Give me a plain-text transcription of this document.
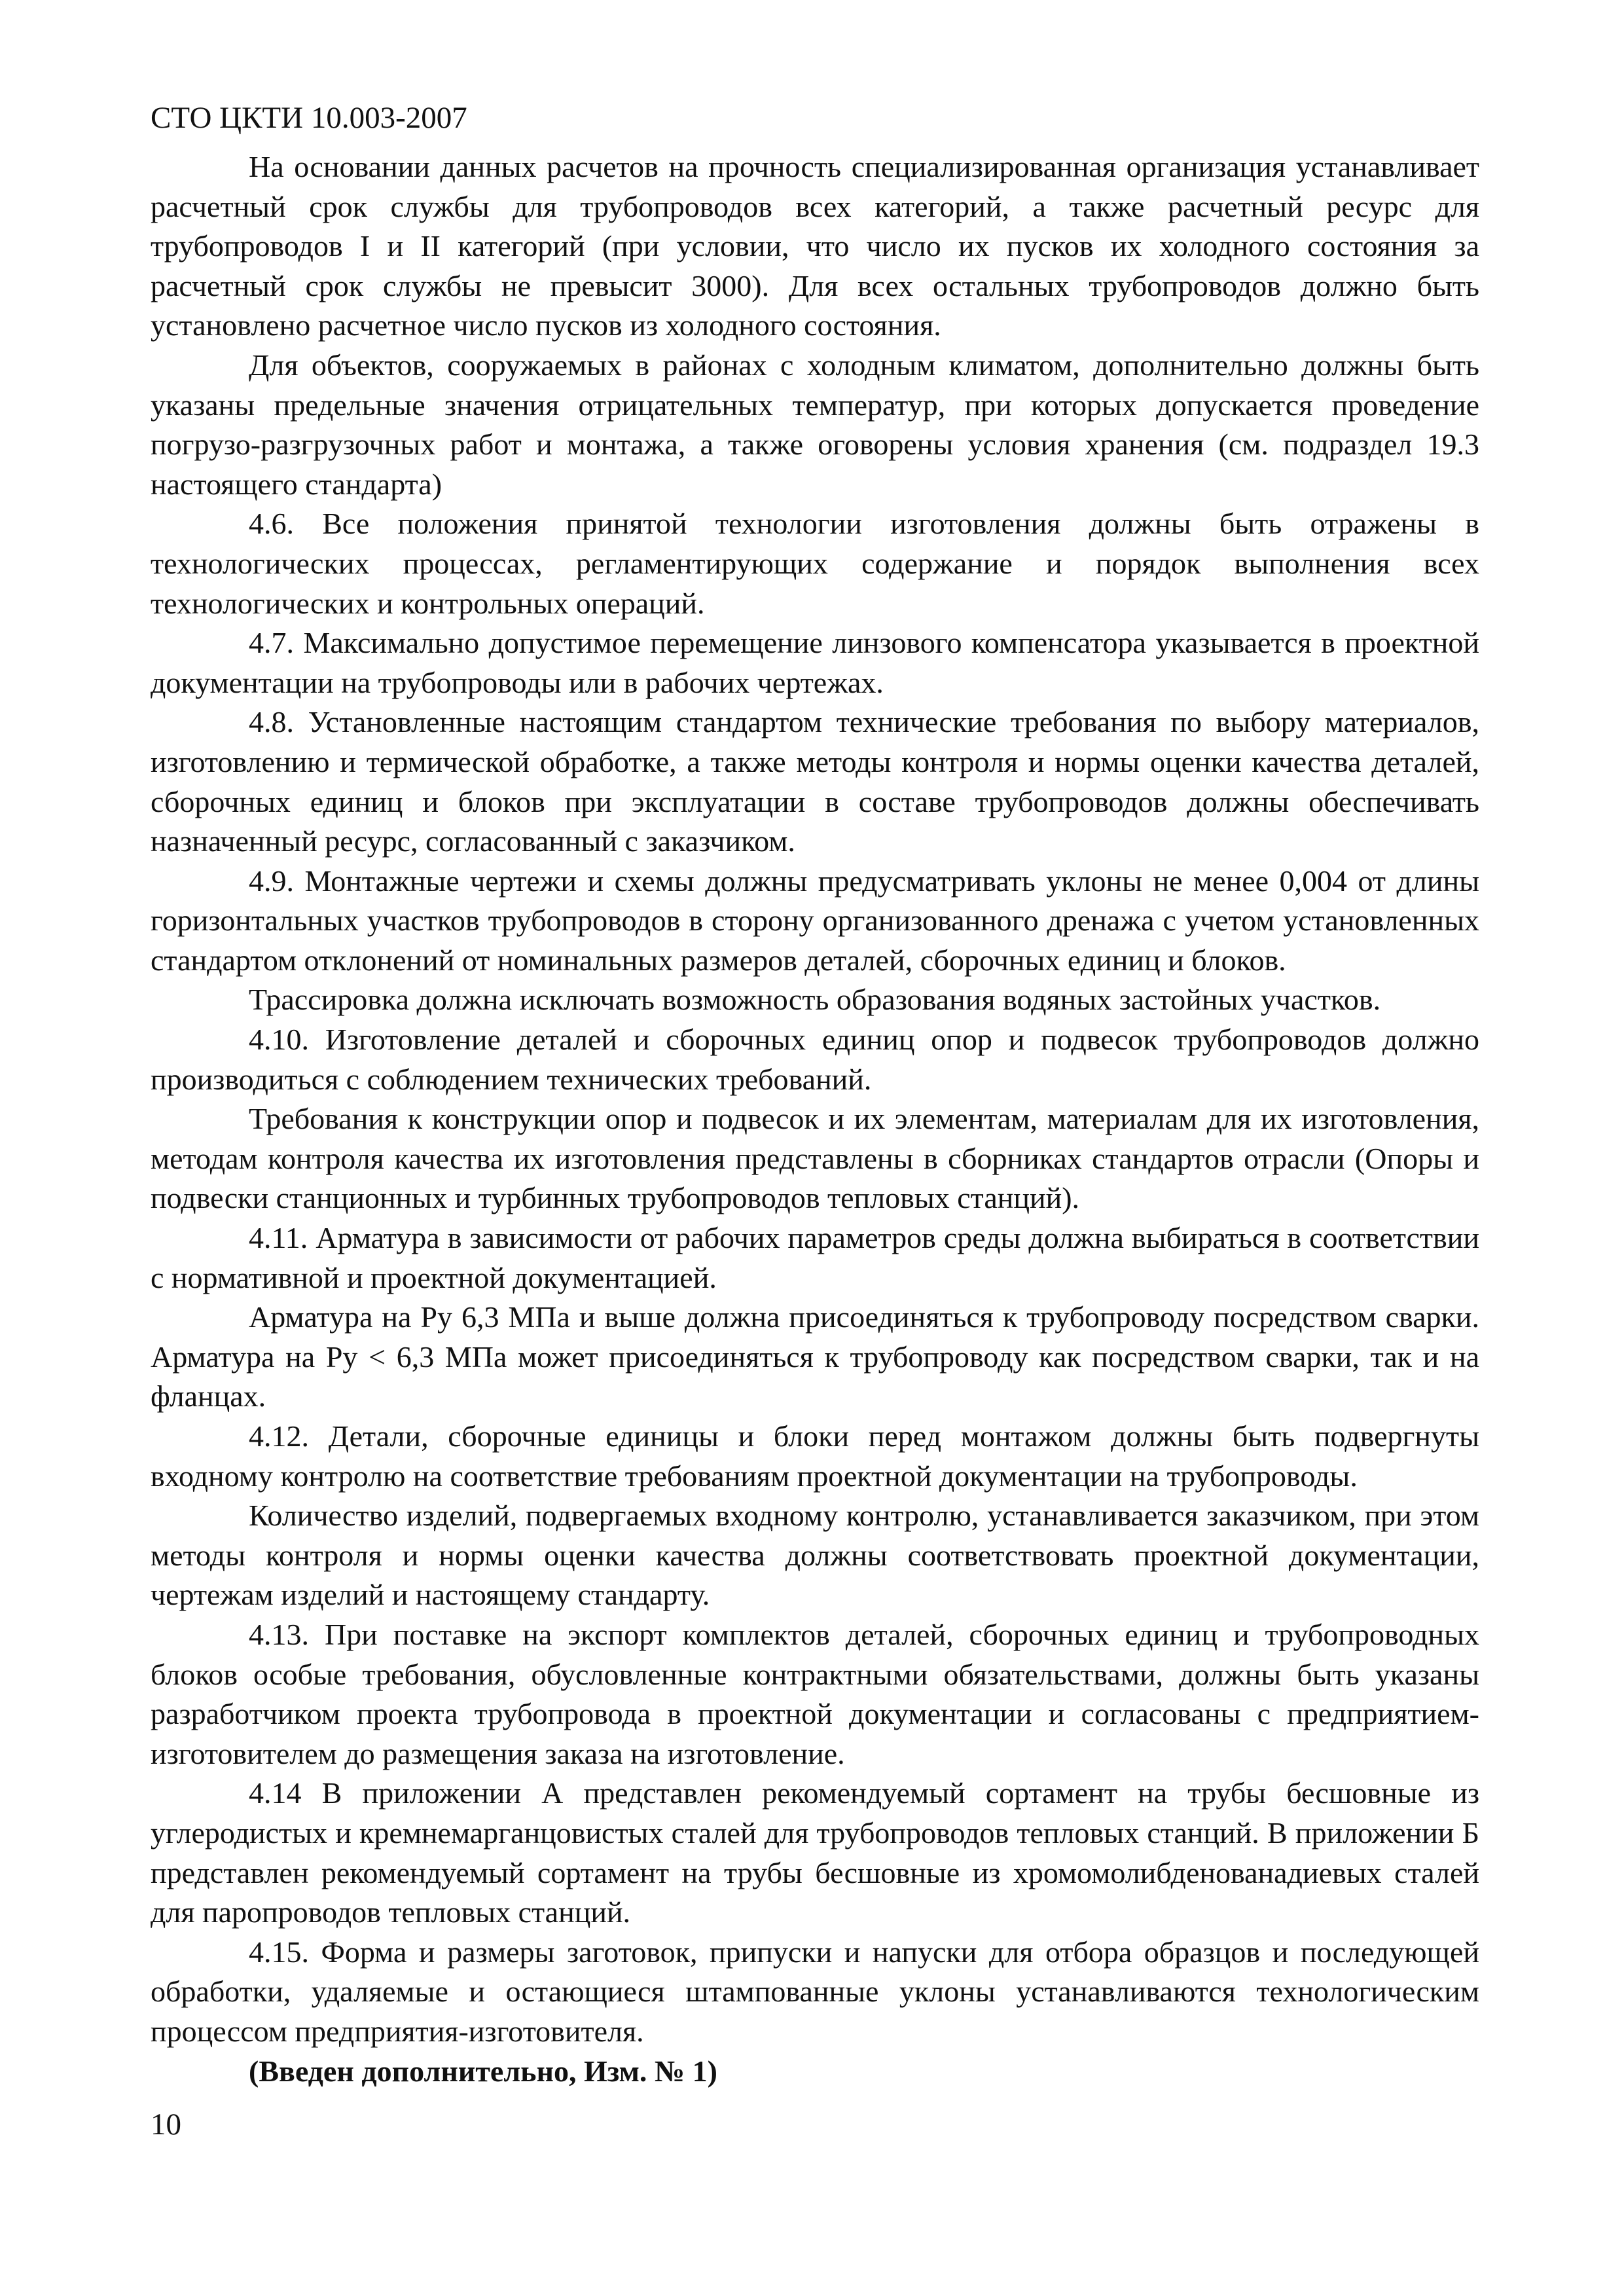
СТО ЦКТИ 10.003-2007

На основании данных расчетов на прочность специализированная организация устанавливает расчетный срок службы для трубопроводов всех категорий, а также расчетный ресурс для трубопроводов I и II категорий (при условии, что число их пусков их холодного состояния за расчетный срок службы не превысит 3000). Для всех остальных трубопроводов должно быть установлено расчетное число пусков из холодного состояния.

Для объектов, сооружаемых в районах с холодным климатом, дополнительно должны быть указаны предельные значения отрицательных температур, при которых допускается проведение погрузо-разгрузочных работ и монтажа, а также оговорены условия хранения (см. подраздел 19.3 настоящего стандарта)

4.6. Все положения принятой технологии изготовления должны быть отражены в технологических процессах, регламентирующих содержание и порядок выполнения всех технологических и контрольных операций.

4.7. Максимально допустимое перемещение линзового компенсатора указывается в проектной документации на трубопроводы или в рабочих чертежах.

4.8. Установленные настоящим стандартом технические требования по выбору материалов, изготовлению и термической обработке, а также методы контроля и нормы оценки качества деталей, сборочных единиц и блоков при эксплуатации в составе трубопроводов должны обеспечивать назначенный ресурс, согласованный с заказчиком.

4.9. Монтажные чертежи и схемы должны предусматривать уклоны не менее 0,004 от длины горизонтальных участков трубопроводов в сторону организованного дренажа с учетом установленных стандартом отклонений от номинальных размеров деталей, сборочных единиц и блоков.

Трассировка должна исключать возможность образования водяных застойных участков.

4.10. Изготовление деталей и сборочных единиц опор и подвесок трубопроводов должно производиться с соблюдением технических требований.

Требования к конструкции опор и подвесок и их элементам, материалам для их изготовления, методам контроля качества их изготовления представлены в сборниках стандартов отрасли (Опоры и подвески станционных и турбинных трубопроводов тепловых станций).

4.11. Арматура в зависимости от рабочих параметров среды должна выбираться в соответствии с нормативной и проектной документацией.

Арматура на Ру 6,3 МПа и выше должна присоединяться к трубопроводу посредством сварки. Арматура на Ру < 6,3 МПа может присоединяться к трубопроводу как посредством сварки, так и на фланцах.

4.12. Детали, сборочные единицы и блоки перед монтажом должны быть подвергнуты входному контролю на соответствие требованиям проектной документации на трубопроводы.

Количество изделий, подвергаемых входному контролю, устанавливается заказчиком, при этом методы контроля и нормы оценки качества должны соответствовать проектной документации, чертежам изделий и настоящему стандарту.

4.13. При поставке на экспорт комплектов деталей, сборочных единиц и трубопроводных блоков особые требования, обусловленные контрактными обязательствами, должны быть указаны разработчиком проекта трубопровода в проектной документации и согласованы с предприятием-изготовителем до размещения заказа на изготовление.

4.14 В приложении А представлен рекомендуемый сортамент на трубы бесшовные из углеродистых и кремнемарганцовистых сталей для трубопроводов тепловых станций. В приложении Б представлен рекомендуемый сортамент на трубы бесшовные из хромомолибденованадиевых сталей для паропроводов тепловых станций.

4.15. Форма и размеры заготовок, припуски и напуски для отбора образцов и последующей обработки, удаляемые и остающиеся штампованные уклоны устанавливаются технологическим процессом предприятия-изготовителя.

(Введен дополнительно, Изм. № 1)

10
